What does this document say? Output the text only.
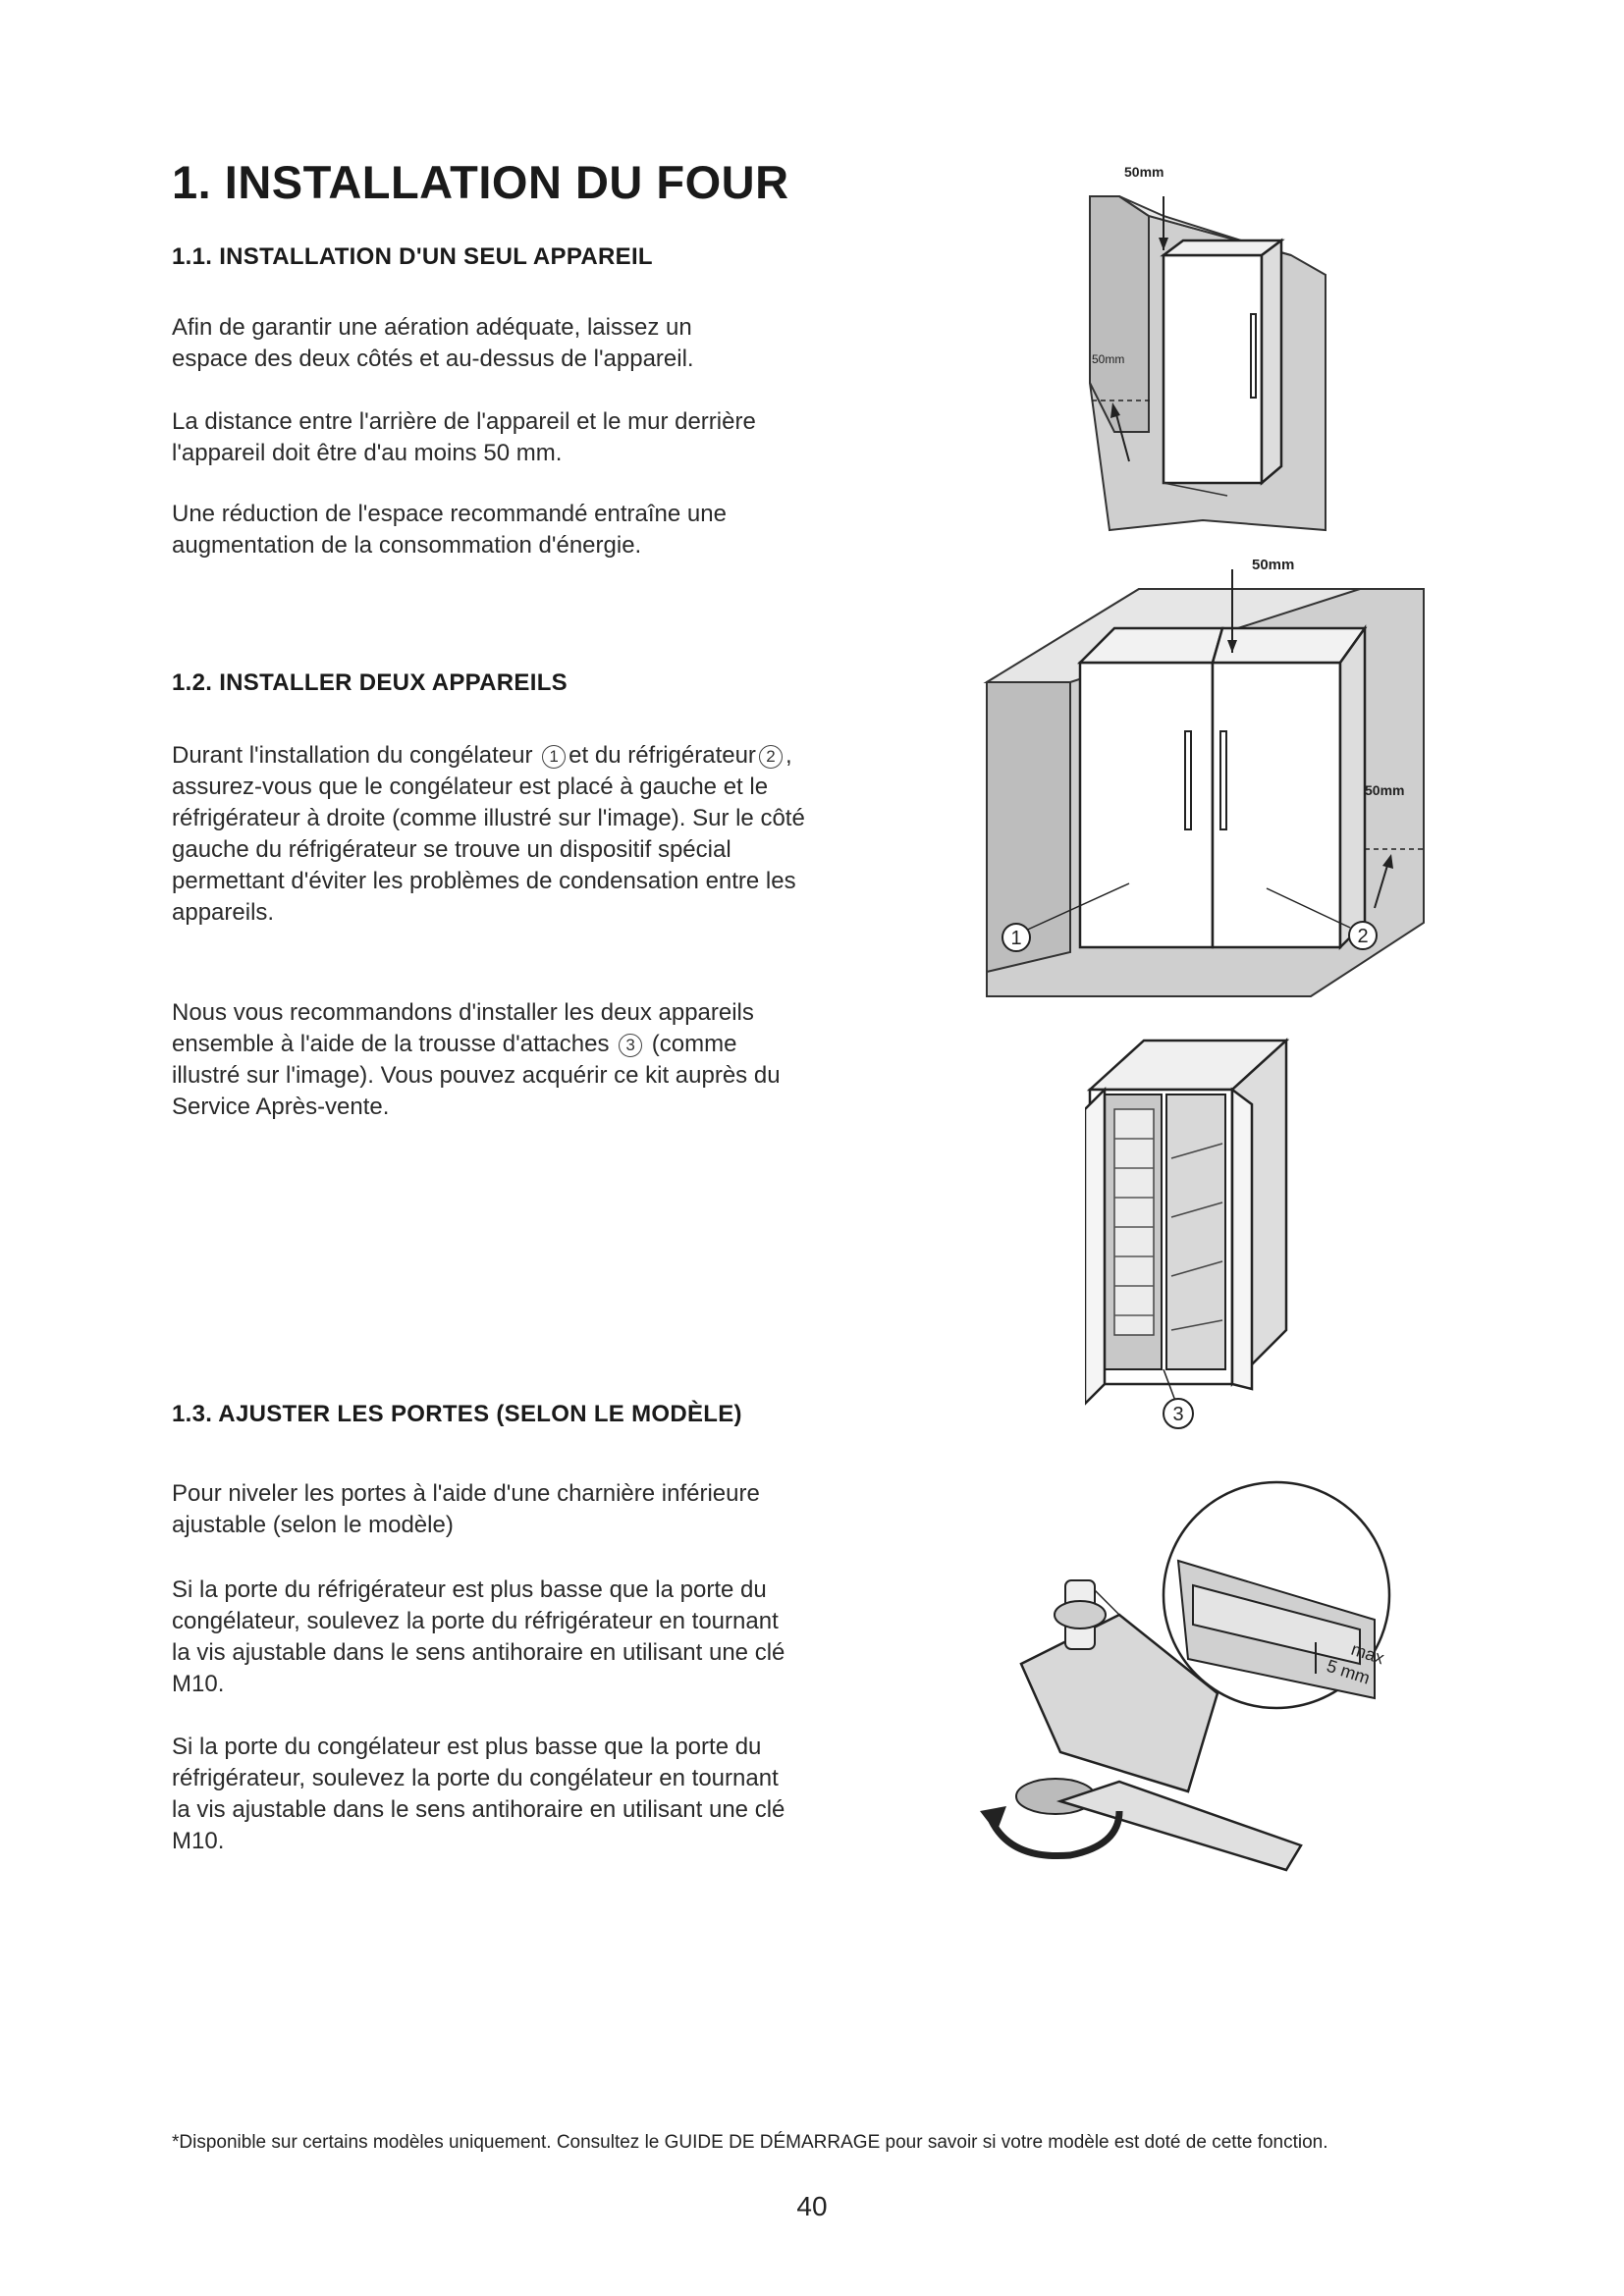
1. INSTALLATION DU FOUR
1.1. INSTALLATION D'UN SEUL APPAREIL

Afin de garantir une aération adéquate, laissez un espace des deux côtés et au-dessus de l'appareil.

La distance entre l'arrière de l'appareil et le mur derrière l'appareil doit être d'au moins 50 mm.

Une réduction de l'espace recommandé entraîne une augmentation de la consommation d'énergie.

1.2. INSTALLER DEUX APPAREILS

Durant l'installation du congélateur 1 et du réfrigérateur 2 , assurez-vous que le congélateur est placé à gauche et le réfrigérateur à droite (comme illustré sur l'image). Sur le côté gauche du réfrigérateur se trouve un dispositif spécial permettant d'éviter les problèmes de condensation entre les appareils.

Nous vous recommandons d'installer les deux appareils ensemble à l'aide de la trousse d'attaches 3 (comme illustré sur l'image). Vous pouvez acquérir ce kit auprès du Service Après-vente.

1.3. AJUSTER LES PORTES (SELON LE MODÈLE)

Pour niveler les portes à l'aide d'une charnière inférieure ajustable (selon le modèle)

Si la porte du réfrigérateur est plus basse que la porte du congélateur, soulevez la porte du réfrigérateur en tournant la vis ajustable dans le sens antihoraire en utilisant une clé M10.

Si la porte du congélateur est plus basse que la porte du réfrigérateur, soulevez la porte du congélateur en tournant la vis ajustable dans le sens antihoraire en utilisant une clé M10.

50mm
50mm
1	2
50mm
50mm
3
max
5 mm
*Disponible sur certains modèles uniquement. Consultez le GUIDE DE DÉMARRAGE pour savoir si votre modèle est doté de cette fonction.
40
